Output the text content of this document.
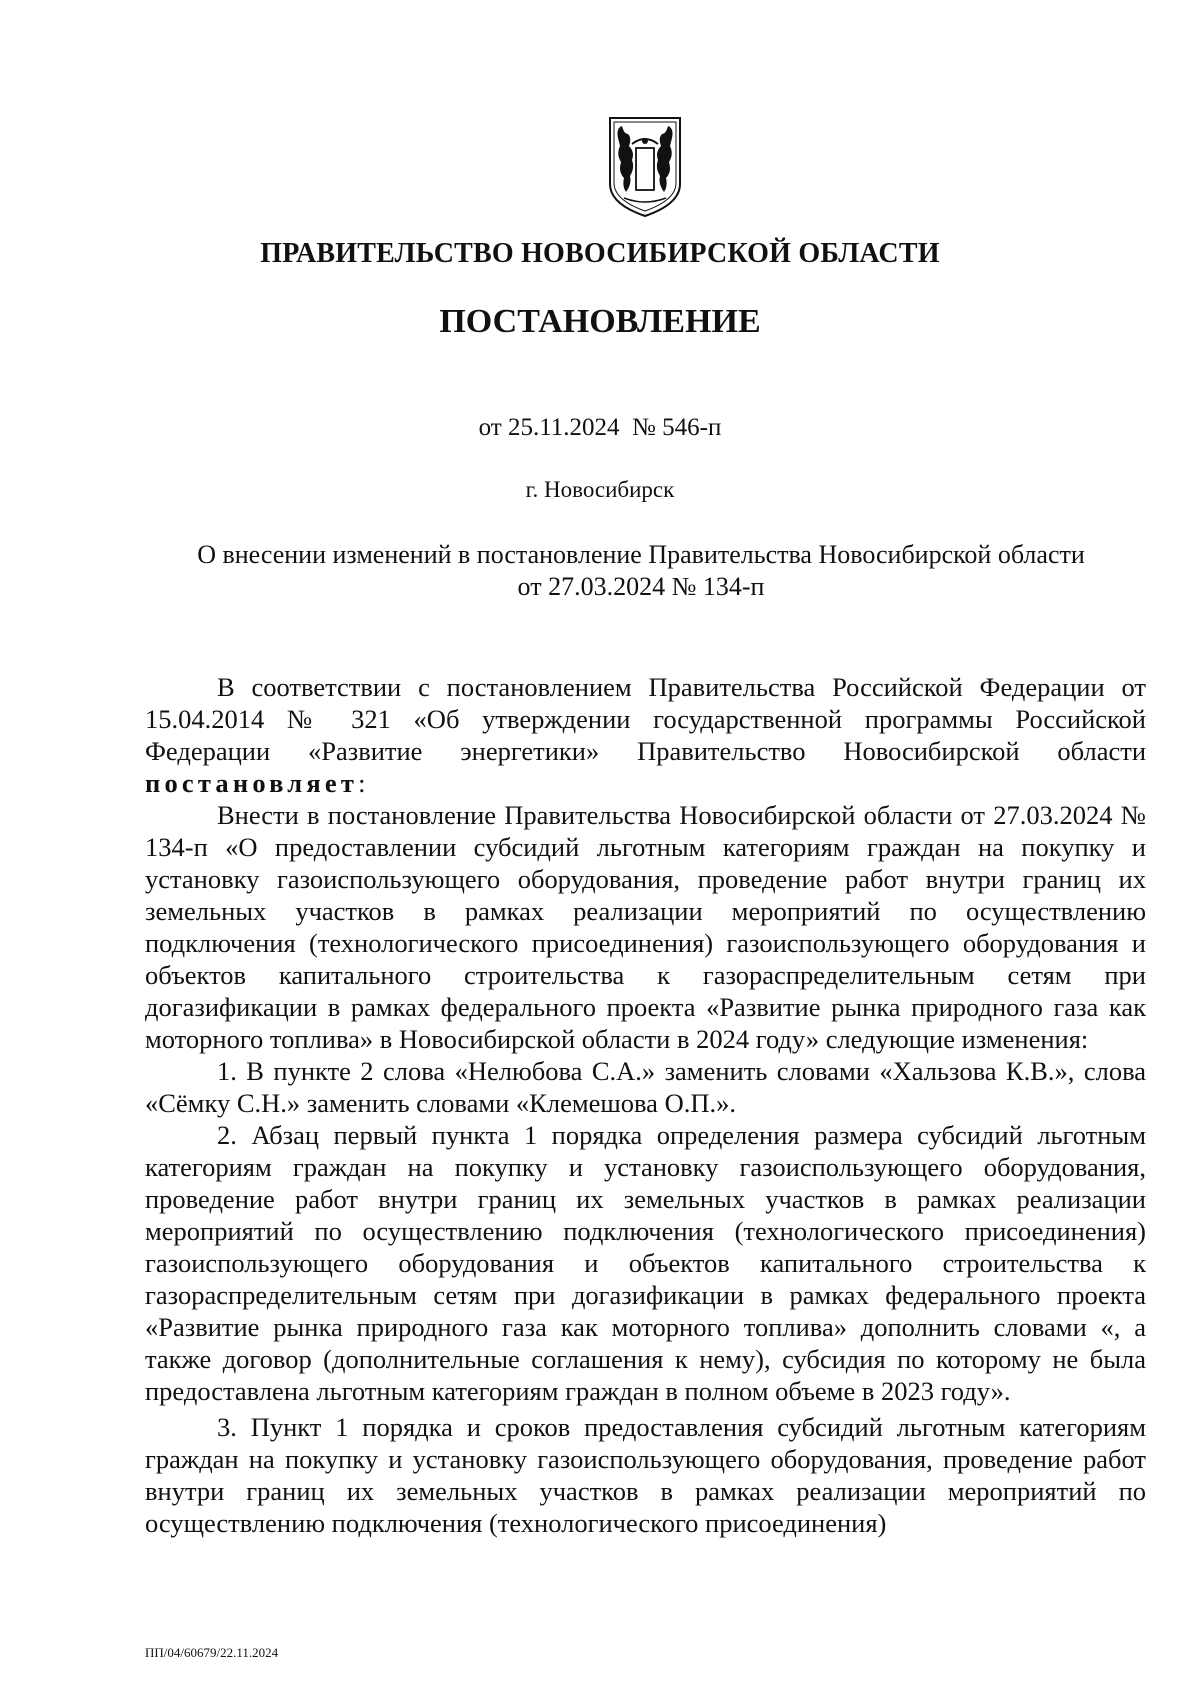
ПРАВИТЕЛЬСТВО НОВОСИБИРСКОЙ ОБЛАСТИ
ПОСТАНОВЛЕНИЕ
от 25.11.2024  № 546-п
г. Новосибирск
О внесении изменений в постановление Правительства Новосибирской области
от 27.03.2024 № 134-п

В соответствии с постановлением Правительства Российской Федерации от 15.04.2014 № 321 «Об утверждении государственной программы Российской Федерации «Развитие энергетики» Правительство Новосибирской области постановляет:

Внести в постановление Правительства Новосибирской области от 27.03.2024 № 134-п «О предоставлении субсидий льготным категориям граждан на покупку и установку газоиспользующего оборудования, проведение работ внутри границ их земельных участков в рамках реализации мероприятий по осуществлению подключения (технологического присоединения) газоиспользующего оборудования и объектов капитального строительства к газораспределительным сетям при догазификации в рамках федерального проекта «Развитие рынка природного газа как моторного топлива» в Новосибирской области в 2024 году» следующие изменения:

1. В пункте 2 слова «Нелюбова С.А.» заменить словами «Хальзова К.В.», слова «Сёмку С.Н.» заменить словами «Клемешова О.П.».

2. Абзац первый пункта 1 порядка определения размера субсидий льготным категориям граждан на покупку и установку газоиспользующего оборудования, проведение работ внутри границ их земельных участков в рамках реализации мероприятий по осуществлению подключения (технологического присоединения) газоиспользующего оборудования и объектов капитального строительства к газораспределительным сетям при догазификации в рамках федерального проекта «Развитие рынка природного газа как моторного топлива» дополнить словами «, а также договор (дополнительные соглашения к нему), субсидия по которому не была предоставлена льготным категориям граждан в полном объеме в 2023 году».

3. Пункт 1 порядка и сроков предоставления субсидий льготным категориям граждан на покупку и установку газоиспользующего оборудования, проведение работ внутри границ их земельных участков в рамках реализации мероприятий по осуществлению подключения (технологического присоединения)

ПП/04/60679/22.11.2024
